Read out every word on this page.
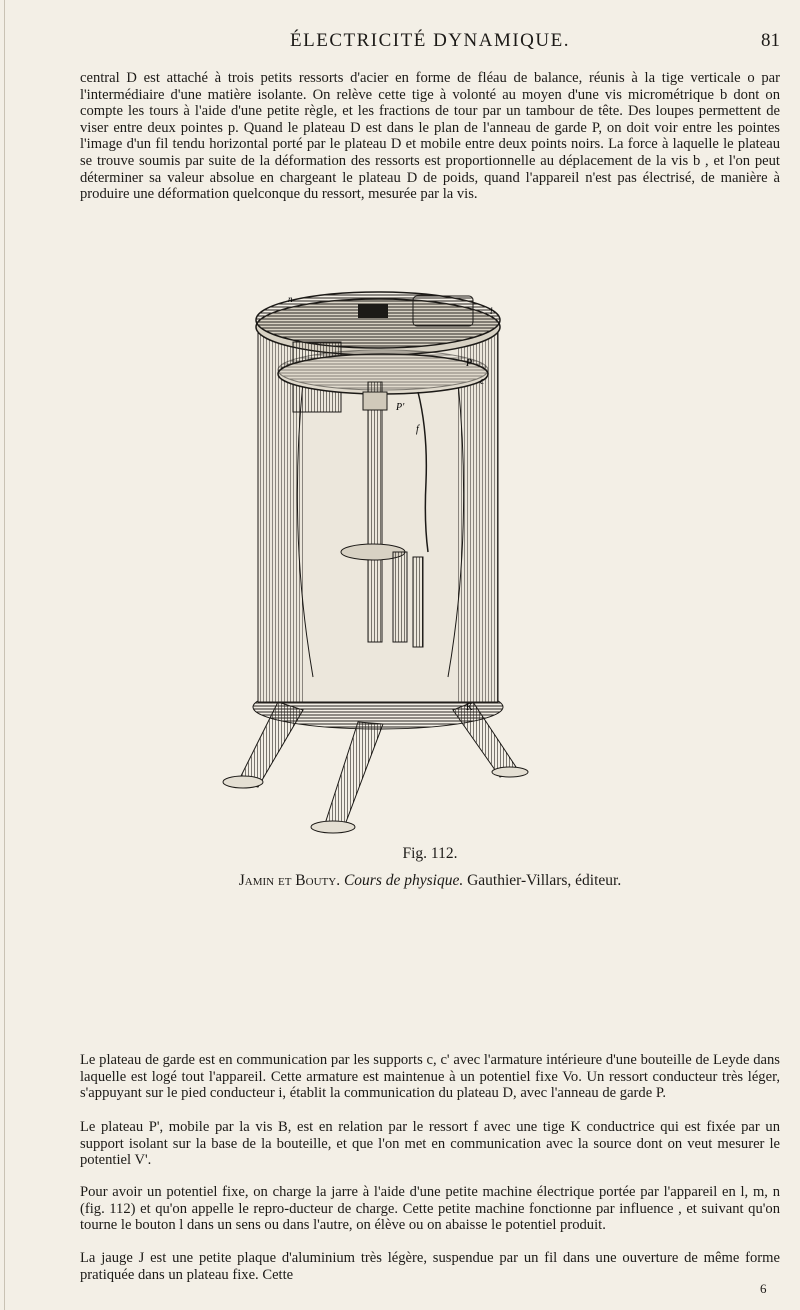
ÉLECTRICITÉ DYNAMIQUE.	81

central D est attaché à trois petits ressorts d'acier en forme de fléau de balance, réunis à la tige verticale o par l'intermédiaire d'une matière isolante. On relève cette tige à volonté au moyen d'une vis micrométrique b dont on compte les tours à l'aide d'une petite règle, et les fractions de tour par un tambour de tête. Des loupes permettent de viser entre deux pointes p. Quand le plateau D est dans le plan de l'anneau de garde P, on doit voir entre les pointes l'image d'un fil tendu horizontal porté par le plateau D et mobile entre deux points noirs. La force à laquelle le plateau se trouve soumis par suite de la déformation des ressorts est proportionnelle au déplacement de la vis b , et l'on peut déterminer sa valeur absolue en chargeant le plateau D de poids, quand l'appareil n'est pas électrisé, de manière à produire une déformation quelconque du ressort, mesurée par la vis.

P
c'
P'
f
K
n
l
Fig. 112.
Jamin et Bouty. Cours de physique. Gauthier-Villars, éditeur.

Le plateau de garde est en communication par les supports c, c' avec l'armature intérieure d'une bouteille de Leyde dans laquelle est logé tout l'appareil. Cette armature est maintenue à un potentiel fixe Vo. Un ressort conducteur très léger, s'appuyant sur le pied conducteur i, établit la communication du plateau D, avec l'anneau de garde P.

Le plateau P', mobile par la vis B, est en relation par le ressort f avec une tige K conductrice qui est fixée par un support isolant sur la base de la bouteille, et que l'on met en communication avec la source dont on veut mesurer le potentiel V'.

Pour avoir un potentiel fixe, on charge la jarre à l'aide d'une petite machine électrique portée par l'appareil en l, m, n (fig. 112) et qu'on appelle le repro-ducteur de charge. Cette petite machine fonctionne par influence , et suivant qu'on tourne le bouton l dans un sens ou dans l'autre, on élève ou on abaisse le potentiel produit.

La jauge J est une petite plaque d'aluminium très légère, suspendue par un fil dans une ouverture de même forme pratiquée dans un plateau fixe. Cette

6
